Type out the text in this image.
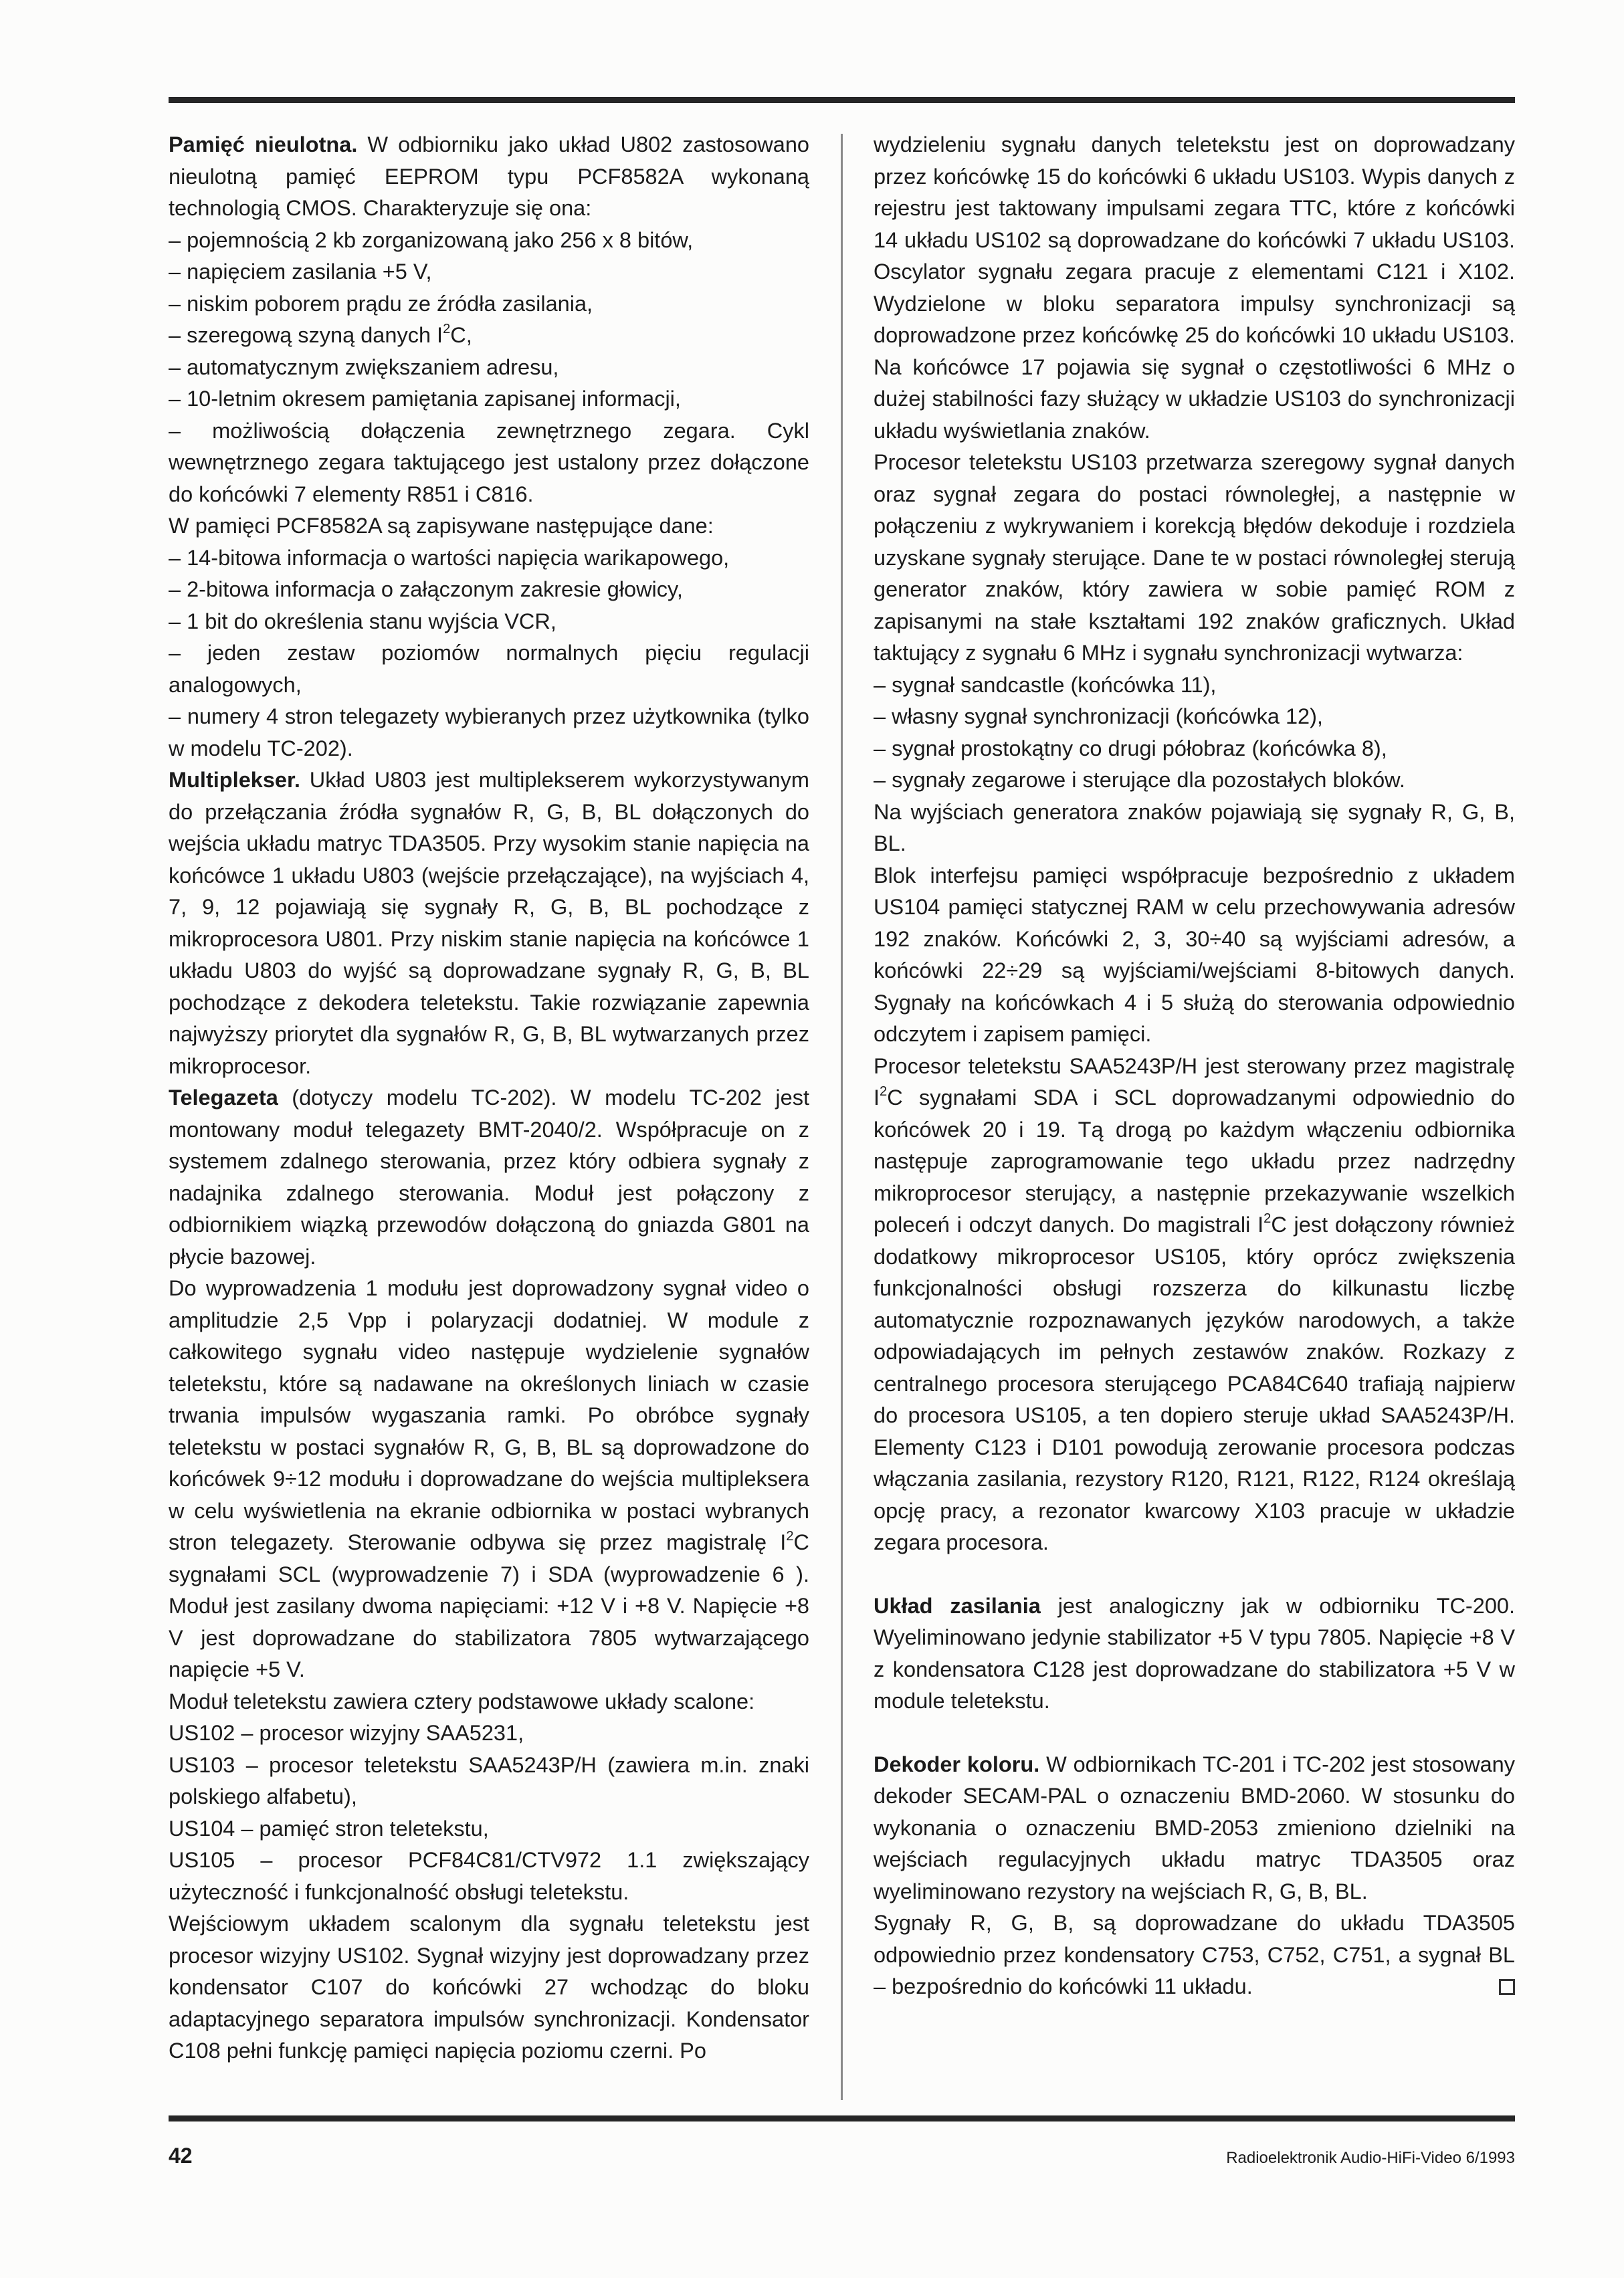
Pamięć nieulotna. W odbiorniku jako układ U802 zastosowano nieulotną pamięć EEPROM typu PCF8582A wykonaną technologią CMOS. Charakteryzuje się ona:

– pojemnością 2 kb zorganizowaną jako 256 x 8 bitów,

– napięciem zasilania +5 V,

– niskim poborem prądu ze źródła zasilania,

– szeregową szyną danych $I^2C$,

– automatycznym zwiększaniem adresu,

– 10-letnim okresem pamiętania zapisanej informacji,

– możliwością dołączenia zewnętrznego zegara. Cykl wewnętrznego zegara taktującego jest ustalony przez dołączone do końcówki 7 elementy R851 i C816.

W pamięci PCF8582A są zapisywane następujące dane:

– 14-bitowa informacja o wartości napięcia warikapowego,

– 2-bitowa informacja o załączonym zakresie głowicy,

– 1 bit do określenia stanu wyjścia VCR,

– jeden zestaw poziomów normalnych pięciu regulacji analogowych,

– numery 4 stron telegazety wybieranych przez użytkownika (tylko w modelu TC-202).

Multiplekser. Układ U803 jest multiplekserem wykorzystywanym do przełączania źródła sygnałów R, G, B, BL dołączonych do wejścia układu matryc TDA3505. Przy wysokim stanie napięcia na końcówce 1 układu U803 (wejście przełączające), na wyjściach 4, 7, 9, 12 pojawiają się sygnały R, G, B, BL pochodzące z mikroprocesora U801. Przy niskim stanie napięcia na końcówce 1 układu U803 do wyjść są doprowadzane sygnały R, G, B, BL pochodzące z dekodera teletekstu. Takie rozwiązanie zapewnia najwyższy priorytet dla sygnałów R, G, B, BL wytwarzanych przez mikroprocesor.

Telegazeta (dotyczy modelu TC-202). W modelu TC-202 jest montowany moduł telegazety BMT-2040/2. Współpracuje on z systemem zdalnego sterowania, przez który odbiera sygnały z nadajnika zdalnego sterowania. Moduł jest połączony z odbiornikiem wiązką przewodów dołączoną do gniazda G801 na płycie bazowej.

Do wyprowadzenia 1 modułu jest doprowadzony sygnał video o amplitudzie 2,5 Vpp i polaryzacji dodatniej. W module z całkowitego sygnału video następuje wydzielenie sygnałów teletekstu, które są nadawane na określonych liniach w czasie trwania impulsów wygaszania ramki. Po obróbce sygnały teletekstu w postaci sygnałów R, G, B, BL są doprowadzone do końcówek 9÷12 modułu i doprowadzane do wejścia multipleksera w celu wyświetlenia na ekranie odbiornika w postaci wybranych stron telegazety. Sterowanie odbywa się przez magistralę $I^2C$ sygnałami SCL (wyprowadzenie 7) i SDA (wyprowadzenie 6 ). Moduł jest zasilany dwoma napięciami: +12 V i +8 V. Napięcie +8 V jest doprowadzane do stabilizatora 7805 wytwarzającego napięcie +5 V.

Moduł teletekstu zawiera cztery podstawowe układy scalone:

US102 – procesor wizyjny SAA5231,

US103 – procesor teletekstu SAA5243P/H (zawiera m.in. znaki polskiego alfabetu),

US104 – pamięć stron teletekstu,

US105 – procesor PCF84C81/CTV972 1.1 zwiększający użyteczność i funkcjonalność obsługi teletekstu.

Wejściowym układem scalonym dla sygnału teletekstu jest procesor wizyjny US102. Sygnał wizyjny jest doprowadzany przez kondensator C107 do końcówki 27 wchodząc do bloku adaptacyjnego separatora impulsów synchronizacji. Kondensator C108 pełni funkcję pamięci napięcia poziomu czerni. Po

wydzieleniu sygnału danych teletekstu jest on doprowadzany przez końcówkę 15 do końcówki 6 układu US103. Wypis danych z rejestru jest taktowany impulsami zegara TTC, które z końcówki 14 układu US102 są doprowadzane do końcówki 7 układu US103. Oscylator sygnału zegara pracuje z elementami C121 i X102. Wydzielone w bloku separatora impulsy synchronizacji są doprowadzone przez końcówkę 25 do końcówki 10 układu US103. Na końcówce 17 pojawia się sygnał o częstotliwości 6 MHz o dużej stabilności fazy służący w układzie US103 do synchronizacji układu wyświetlania znaków.

Procesor teletekstu US103 przetwarza szeregowy sygnał danych oraz sygnał zegara do postaci równoległej, a następnie w połączeniu z wykrywaniem i korekcją błędów dekoduje i rozdziela uzyskane sygnały sterujące. Dane te w postaci równoległej sterują generator znaków, który zawiera w sobie pamięć ROM z zapisanymi na stałe kształtami 192 znaków graficznych. Układ taktujący z sygnału 6 MHz i sygnału synchronizacji wytwarza:

– sygnał sandcastle (końcówka 11),

– własny sygnał synchronizacji (końcówka 12),

– sygnał prostokątny co drugi półobraz (końcówka 8),

– sygnały zegarowe i sterujące dla pozostałych bloków.

Na wyjściach generatora znaków pojawiają się sygnały R, G, B, BL.

Blok interfejsu pamięci współpracuje bezpośrednio z układem US104 pamięci statycznej RAM w celu przechowywania adresów 192 znaków. Końcówki 2, 3, 30÷40 są wyjściami adresów, a końcówki 22÷29 są wyjściami/wejściami 8-bitowych danych. Sygnały na końcówkach 4 i 5 służą do sterowania odpowiednio odczytem i zapisem pamięci.

Procesor teletekstu SAA5243P/H jest sterowany przez magistralę $I^2C$ sygnałami SDA i SCL doprowadzanymi odpowiednio do końcówek 20 i 19. Tą drogą po każdym włączeniu odbiornika następuje zaprogramowanie tego układu przez nadrzędny mikroprocesor sterujący, a następnie przekazywanie wszelkich poleceń i odczyt danych. Do magistrali $I^2C$ jest dołączony również dodatkowy mikroprocesor US105, który oprócz zwiększenia funkcjonalności obsługi rozszerza do kilkunastu liczbę automatycznie rozpoznawanych języków narodowych, a także odpowiadających im pełnych zestawów znaków. Rozkazy z centralnego procesora sterującego PCA84C640 trafiają najpierw do procesora US105, a ten dopiero steruje układ SAA5243P/H. Elementy C123 i D101 powodują zerowanie procesora podczas włączania zasilania, rezystory R120, R121, R122, R124 określają opcję pracy, a rezonator kwarcowy X103 pracuje w układzie zegara procesora.

Układ zasilania jest analogiczny jak w odbiorniku TC-200. Wyeliminowano jedynie stabilizator +5 V typu 7805. Napięcie +8 V z kondensatora C128 jest doprowadzane do stabilizatora +5 V w module teletekstu.

Dekoder koloru. W odbiornikach TC-201 i TC-202 jest stosowany dekoder SECAM-PAL o oznaczeniu BMD-2060. W stosunku do wykonania o oznaczeniu BMD-2053 zmieniono dzielniki na wejściach regulacyjnych układu matryc TDA3505 oraz wyeliminowano rezystory na wejściach R, G, B, BL.

Sygnały R, G, B, są doprowadzane do układu TDA3505 odpowiednio przez kondensatory C753, C752, C751, a sygnał BL – bezpośrednio do końcówki 11 układu.

42	Radioelektronik Audio-HiFi-Video 6/1993
